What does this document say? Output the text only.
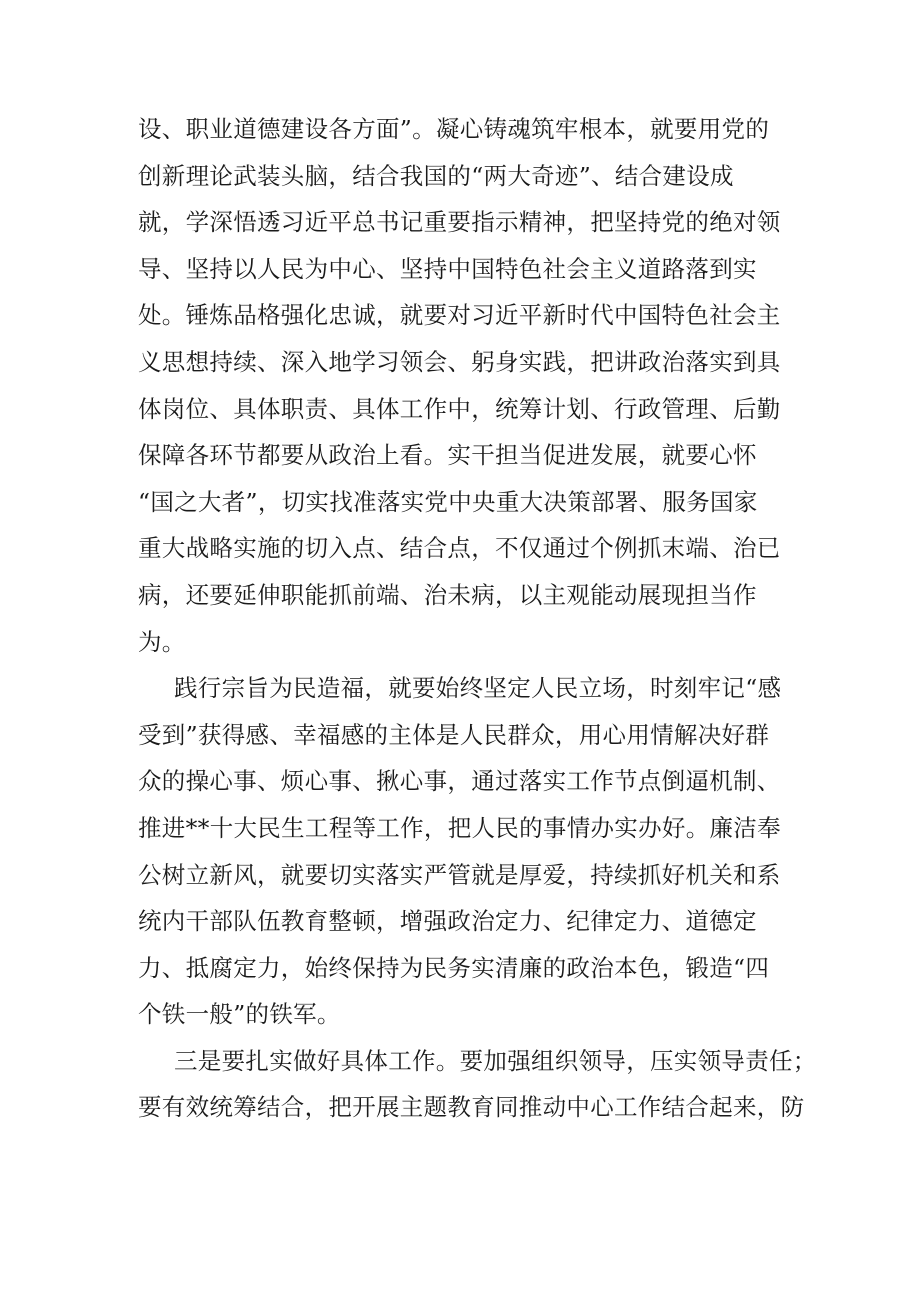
设、职业道德建设各方面”。凝心铸魂筑牢根本，就要用党的
创新理论武装头脑，结合我国的“两大奇迹”、结合建设成
就，学深悟透习近平总书记重要指示精神，把坚持党的绝对领
导、坚持以人民为中心、坚持中国特色社会主义道路落到实
处。锤炼品格强化忠诚，就要对习近平新时代中国特色社会主
义思想持续、深入地学习领会、躬身实践，把讲政治落实到具
体岗位、具体职责、具体工作中，统筹计划、行政管理、后勤
保障各环节都要从政治上看。实干担当促进发展，就要心怀
“国之大者”，切实找准落实党中央重大决策部署、服务国家
重大战略实施的切入点、结合点，不仅通过个例抓末端、治已
病，还要延伸职能抓前端、治未病，以主观能动展现担当作
为。
践行宗旨为民造福，就要始终坚定人民立场，时刻牢记“感
受到”获得感、幸福感的主体是人民群众，用心用情解决好群
众的操心事、烦心事、揪心事，通过落实工作节点倒逼机制、
推进**十大民生工程等工作，把人民的事情办实办好。廉洁奉
公树立新风，就要切实落实严管就是厚爱，持续抓好机关和系
统内干部队伍教育整顿，增强政治定力、纪律定力、道德定
力、抵腐定力，始终保持为民务实清廉的政治本色，锻造“四
个铁一般”的铁军。
三是要扎实做好具体工作。要加强组织领导，压实领导责任；
要有效统筹结合，把开展主题教育同推动中心工作结合起来，防
